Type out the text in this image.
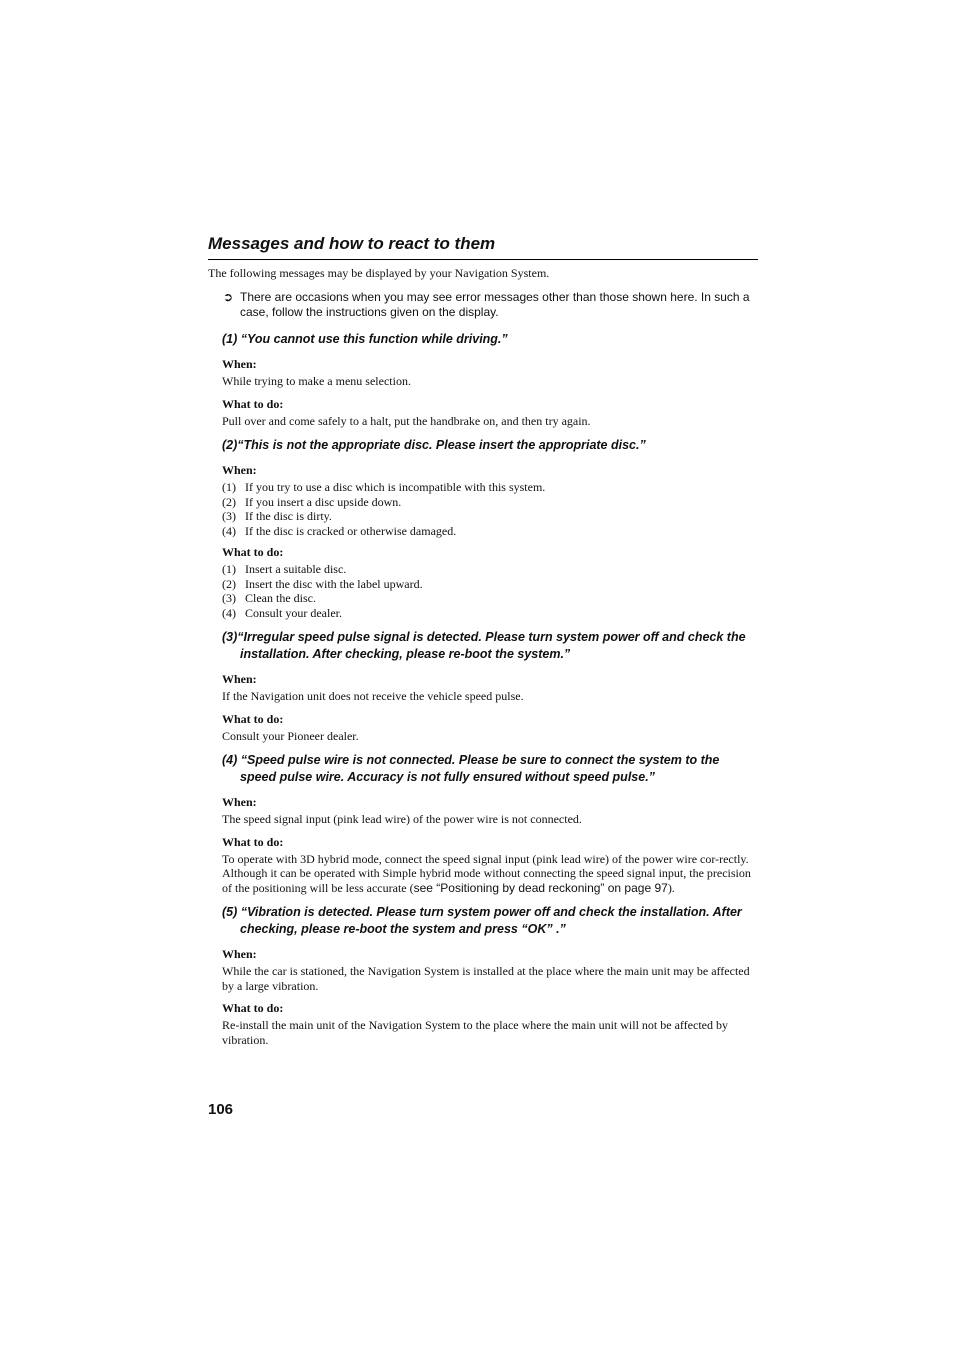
Messages and how to react to them

The following messages may be displayed by your Navigation System.

➲ There are occasions when you may see error messages other than those shown here. In such a case, follow the instructions given on the display.

(1) “You cannot use this function while driving.”

When:

While trying to make a menu selection.

What to do:

Pull over and come safely to a halt, put the handbrake on, and then try again.

(2)“This is not the appropriate disc. Please insert the appropriate disc.”

When:

(1) If you try to use a disc which is incompatible with this system.
(2) If you insert a disc upside down.
(3) If the disc is dirty.
(4) If the disc is cracked or otherwise damaged.

What to do:

(1) Insert a suitable disc.
(2) Insert the disc with the label upward.
(3) Clean the disc.
(4) Consult your dealer.

(3)“Irregular speed pulse signal is detected. Please turn system power off and check the installation. After checking, please re-boot the system.”

When:

If the Navigation unit does not receive the vehicle speed pulse.

What to do:

Consult your Pioneer dealer.

(4) “Speed pulse wire is not connected. Please be sure to connect the system to the speed pulse wire. Accuracy is not fully ensured without speed pulse.”

When:

The speed signal input (pink lead wire) of the power wire is not connected.

What to do:

To operate with 3D hybrid mode, connect the speed signal input (pink lead wire) of the power wire cor-rectly. Although it can be operated with Simple hybrid mode without connecting the speed signal input, the precision of the positioning will be less accurate (see “Positioning by dead reckoning” on page 97).

(5) “Vibration is detected. Please turn system power off and check the installation. After checking, please re-boot the system and press “OK” .”

When:

While the car is stationed, the Navigation System is installed at the place where the main unit may be affected by a large vibration.

What to do:

Re-install the main unit of the Navigation System to the place where the main unit will not be affected by vibration.

106
